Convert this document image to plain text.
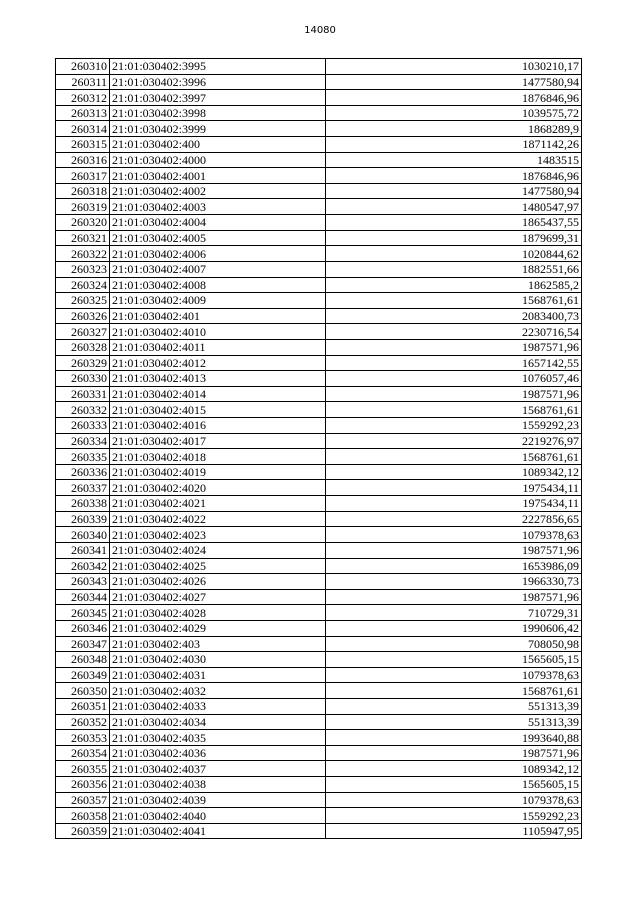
14080
260310	21:01:030402:3995	1030210,17
260311	21:01:030402:3996	1477580,94
260312	21:01:030402:3997	1876846,96
260313	21:01:030402:3998	1039575,72
260314	21:01:030402:3999	1868289,9
260315	21:01:030402:400	1871142,26
260316	21:01:030402:4000	1483515
260317	21:01:030402:4001	1876846,96
260318	21:01:030402:4002	1477580,94
260319	21:01:030402:4003	1480547,97
260320	21:01:030402:4004	1865437,55
260321	21:01:030402:4005	1879699,31
260322	21:01:030402:4006	1020844,62
260323	21:01:030402:4007	1882551,66
260324	21:01:030402:4008	1862585,2
260325	21:01:030402:4009	1568761,61
260326	21:01:030402:401	2083400,73
260327	21:01:030402:4010	2230716,54
260328	21:01:030402:4011	1987571,96
260329	21:01:030402:4012	1657142,55
260330	21:01:030402:4013	1076057,46
260331	21:01:030402:4014	1987571,96
260332	21:01:030402:4015	1568761,61
260333	21:01:030402:4016	1559292,23
260334	21:01:030402:4017	2219276,97
260335	21:01:030402:4018	1568761,61
260336	21:01:030402:4019	1089342,12
260337	21:01:030402:4020	1975434,11
260338	21:01:030402:4021	1975434,11
260339	21:01:030402:4022	2227856,65
260340	21:01:030402:4023	1079378,63
260341	21:01:030402:4024	1987571,96
260342	21:01:030402:4025	1653986,09
260343	21:01:030402:4026	1966330,73
260344	21:01:030402:4027	1987571,96
260345	21:01:030402:4028	710729,31
260346	21:01:030402:4029	1990606,42
260347	21:01:030402:403	708050,98
260348	21:01:030402:4030	1565605,15
260349	21:01:030402:4031	1079378,63
260350	21:01:030402:4032	1568761,61
260351	21:01:030402:4033	551313,39
260352	21:01:030402:4034	551313,39
260353	21:01:030402:4035	1993640,88
260354	21:01:030402:4036	1987571,96
260355	21:01:030402:4037	1089342,12
260356	21:01:030402:4038	1565605,15
260357	21:01:030402:4039	1079378,63
260358	21:01:030402:4040	1559292,23
260359	21:01:030402:4041	1105947,95
